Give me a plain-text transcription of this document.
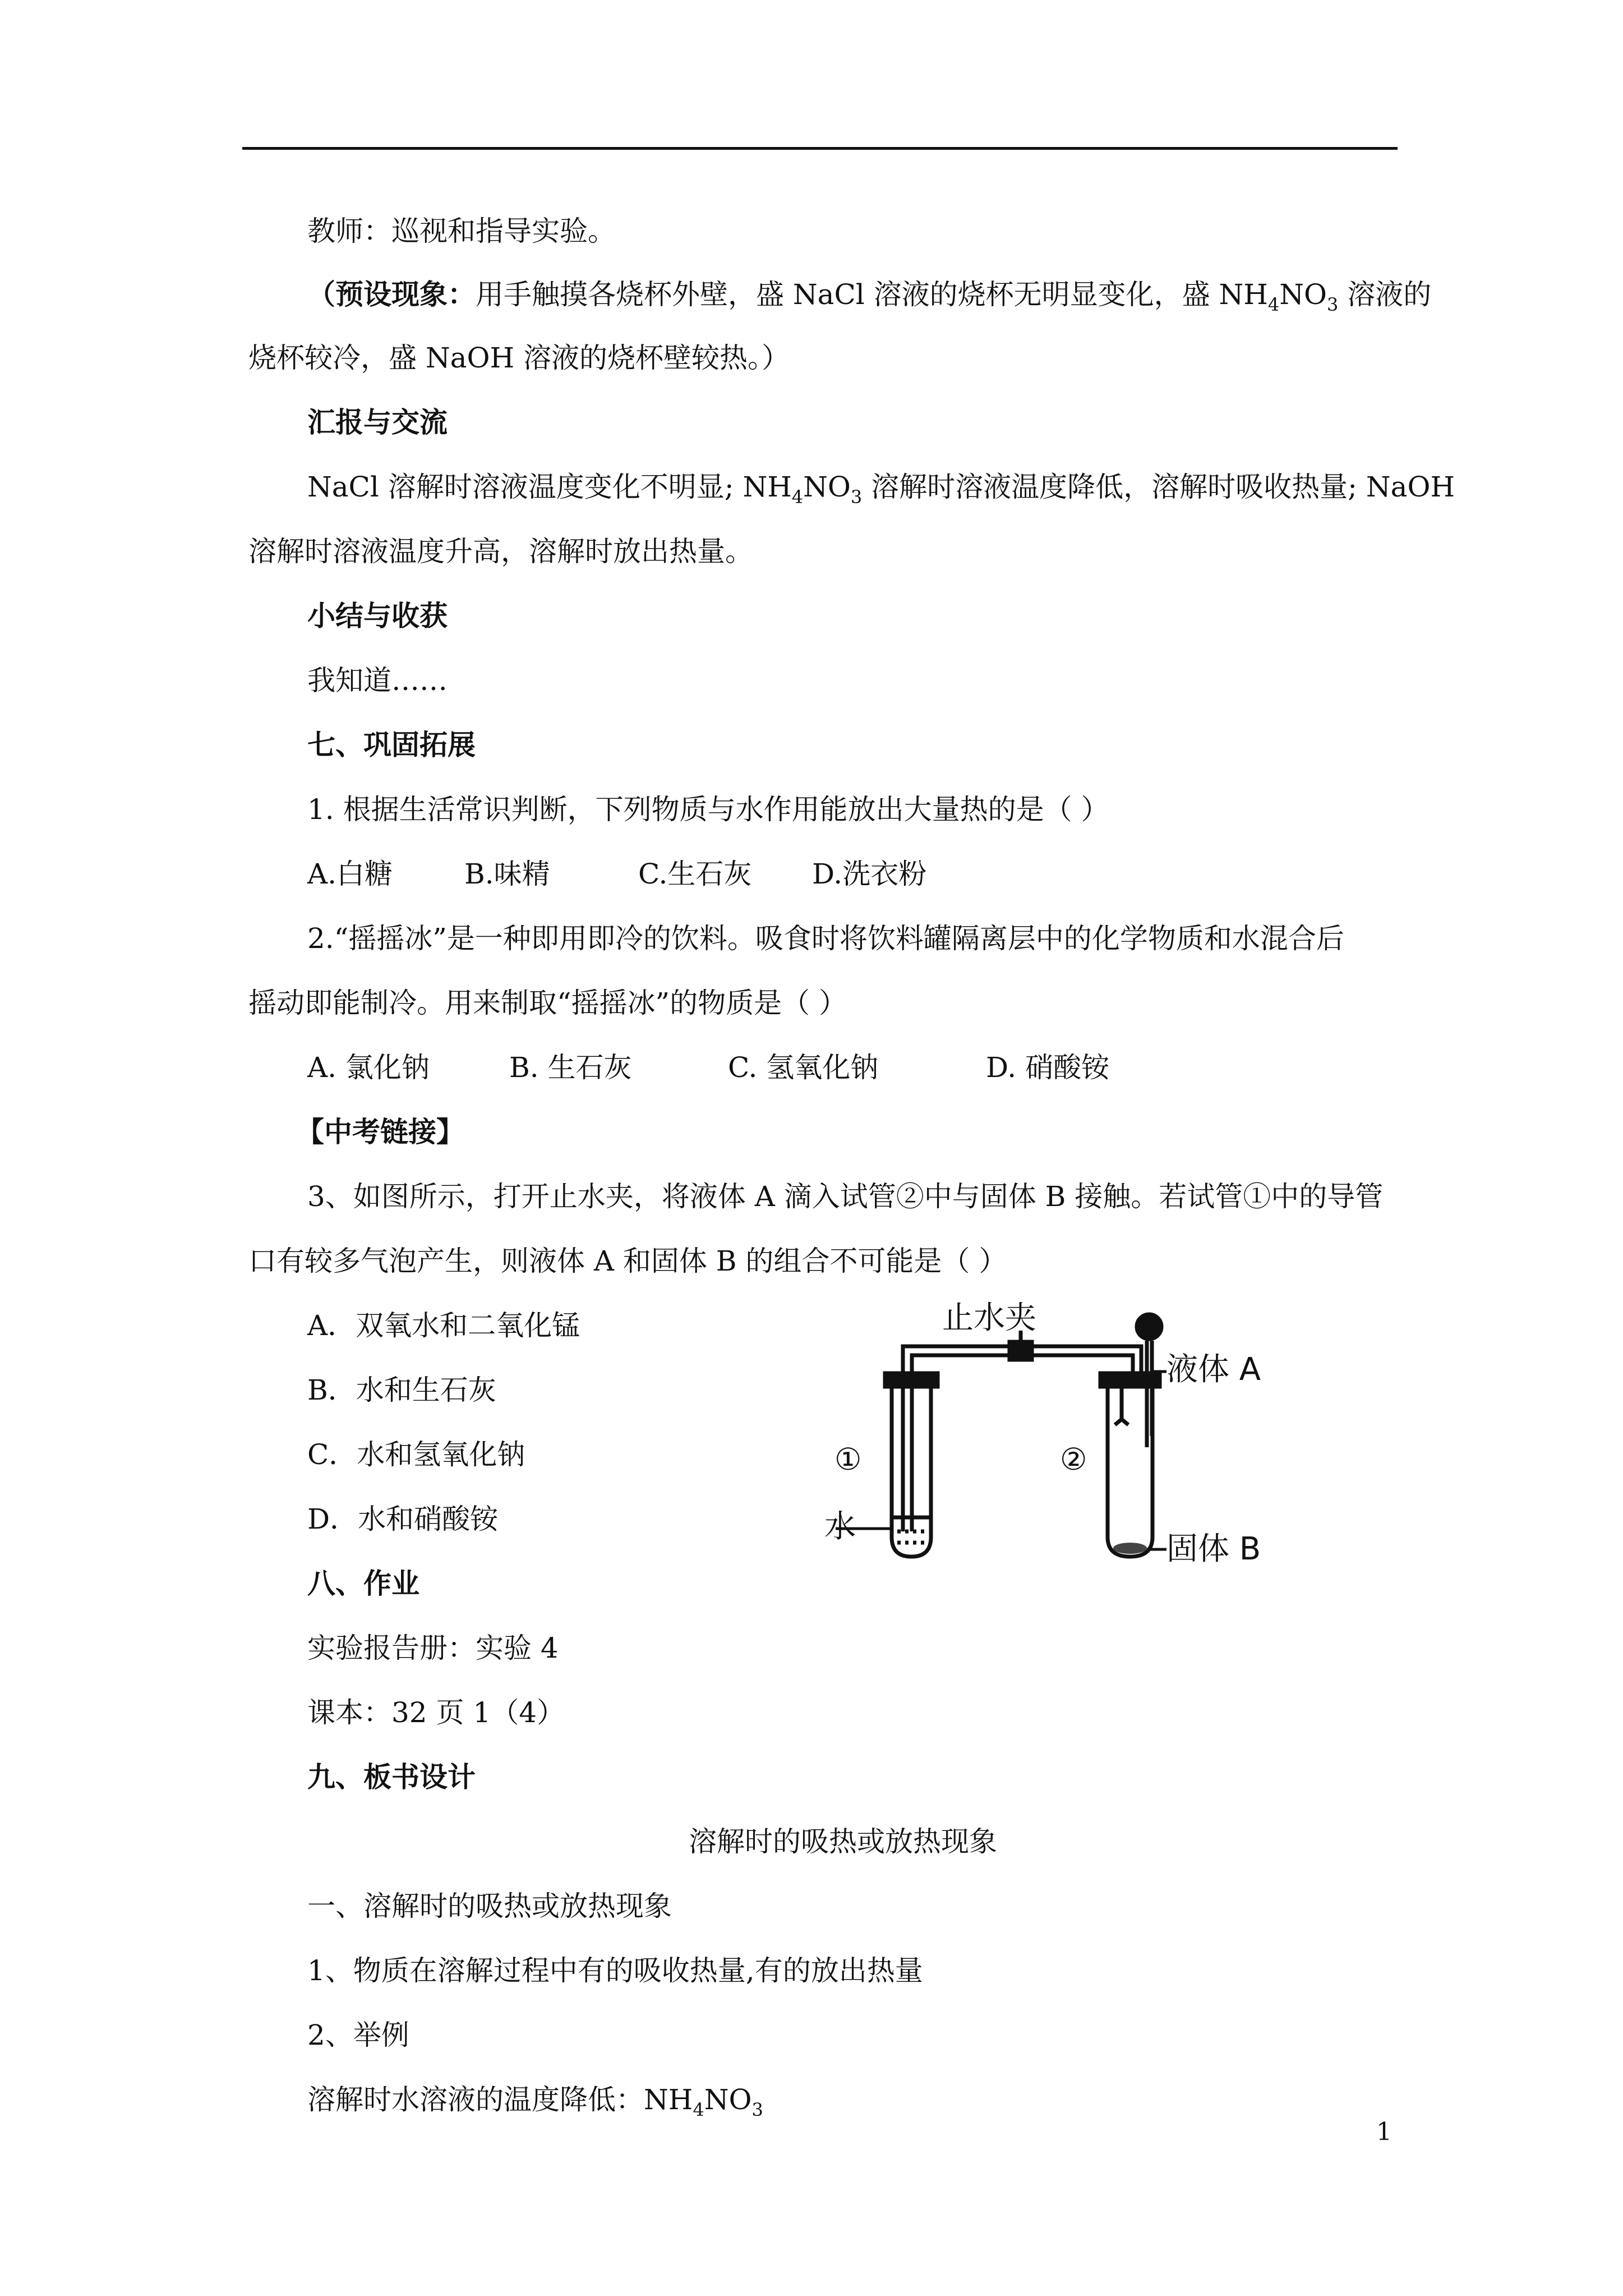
教师：巡视和指导实验。
（预设现象：用手触摸各烧杯外壁，盛 NaCl 溶液的烧杯无明显变化，盛 $NH_4NO_3$ 溶液的
烧杯较冷，盛 NaOH 溶液的烧杯壁较热。）
汇报与交流
NaCl 溶解时溶液温度变化不明显; $NH_4NO_3$ 溶解时溶液温度降低，溶解时吸收热量; NaOH
溶解时溶液温度升高，溶解时放出热量。
小结与收获
我知道……
七、巩固拓展
1. 根据生活常识判断，下列物质与水作用能放出大量热的是（ ）
A.白糖	B.味精	C.生石灰 D.洗衣粉
2.“摇摇冰”是一种即用即冷的饮料。吸食时将饮料罐隔离层中的化学物质和水混合后
摇动即能制冷。用来制取“摇摇冰”的物质是（ ）
A. 氯化钠	B. 生石灰	C. 氢氧化钠	D. 硝酸铵
【中考链接】
3、如图所示，打开止水夹，将液体 A 滴入试管②中与固体 B 接触。若试管①中的导管
口有较多气泡产生，则液体 A 和固体 B 的组合不可能是（ ）
A．双氧水和二氧化锰
B．水和生石灰
C．水和氢氧化钠
D．水和硝酸铵
止水夹
液体 A
固体 B
水
①	②
八、作业
实验报告册：实验 4
课本：32 页 1（4）
九、板书设计
溶解时的吸热或放热现象
一、溶解时的吸热或放热现象
1、物质在溶解过程中有的吸收热量,有的放出热量
2、举例
溶解时水溶液的温度降低：$NH_4NO_3$
1
